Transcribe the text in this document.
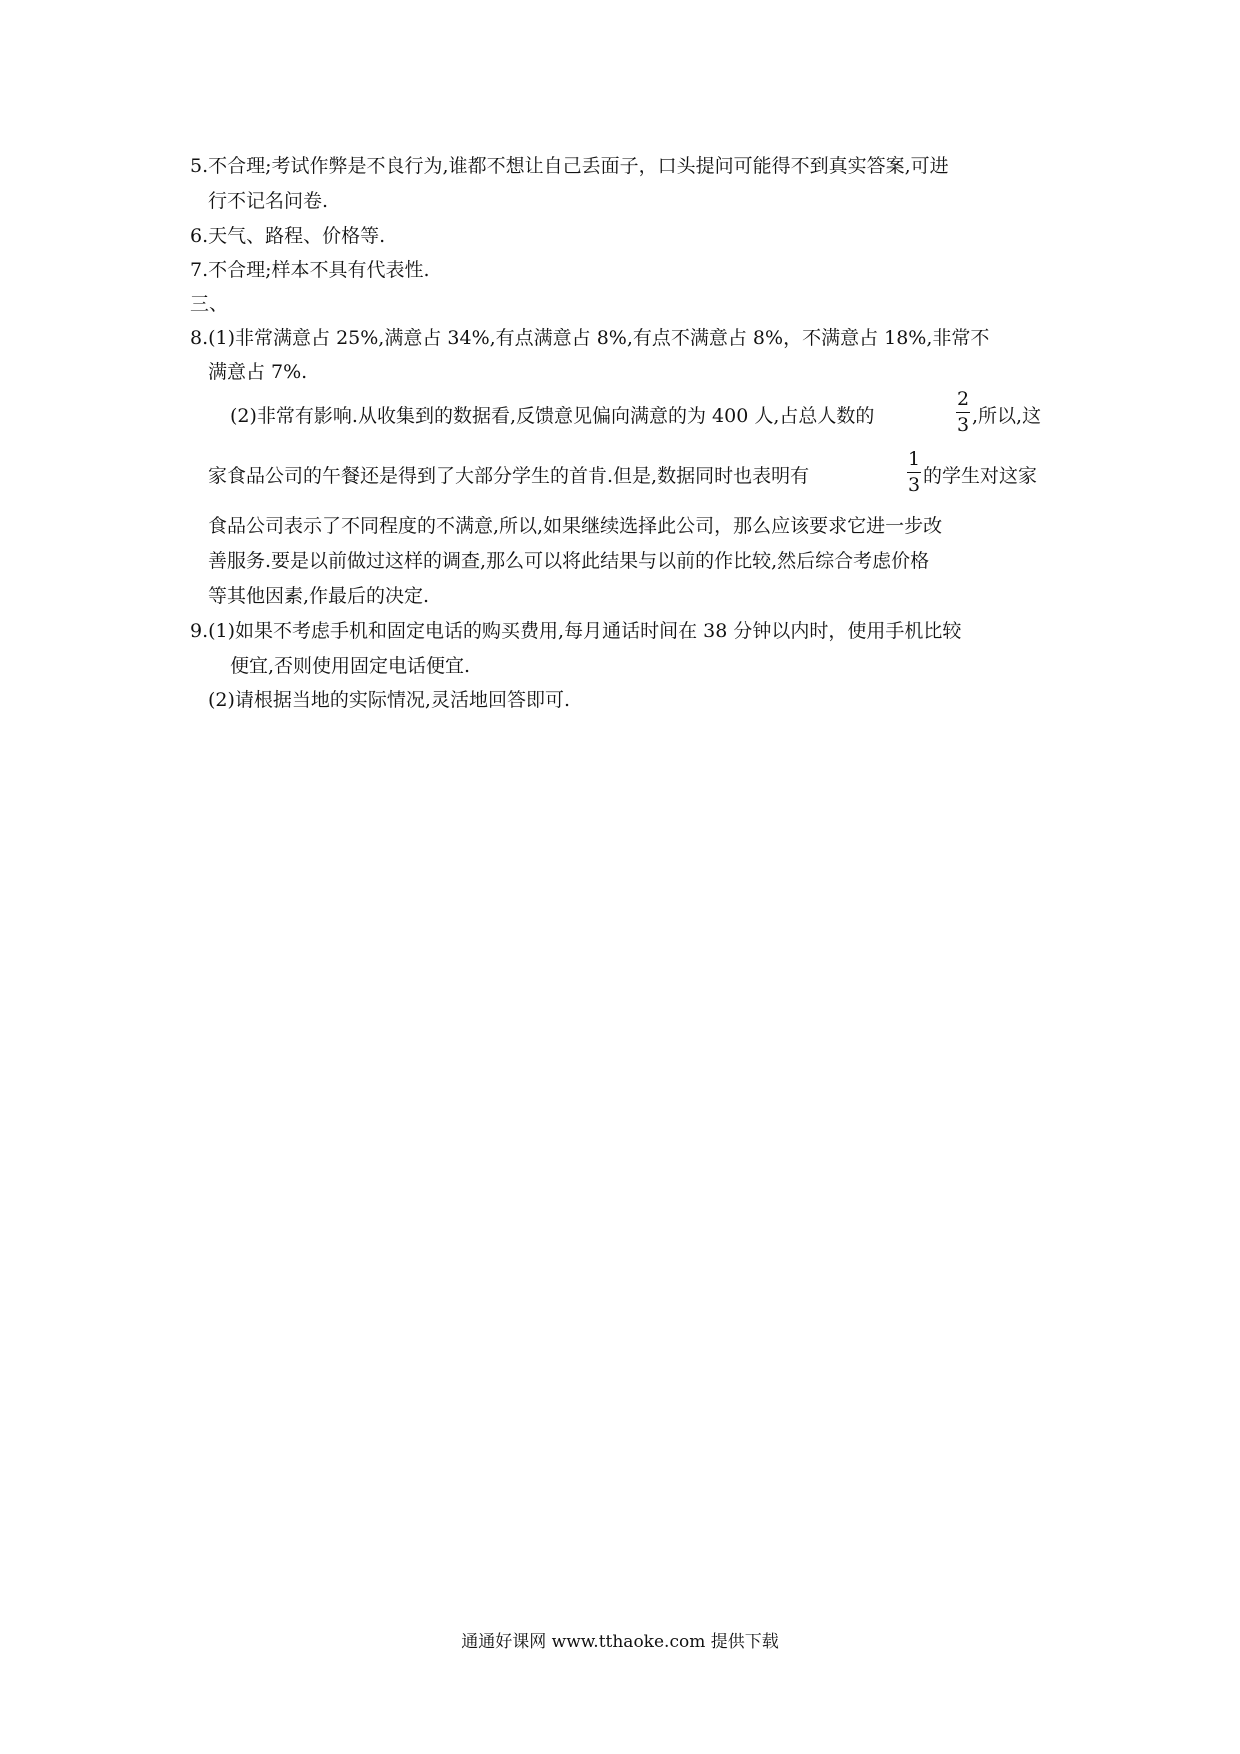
5.不合理;考试作弊是不良行为,谁都不想让自己丢面子，口头提问可能得不到真实答案,可进
行不记名问卷.
6.天气、路程、价格等.
7.不合理;样本不具有代表性.
三、
8.(1)非常满意占 25%,满意占 34%,有点满意占 8%,有点不满意占 8%，不满意占 18%,非常不
满意占 7%.
(2)非常有影响.从收集到的数据看,反馈意见偏向满意的为 400 人,占总人数的
2
3 ,所以,这
家食品公司的午餐还是得到了大部分学生的首肯.但是,数据同时也表明有
1
3 的学生对这家
食品公司表示了不同程度的不满意,所以,如果继续选择此公司，那么应该要求它进一步改
善服务.要是以前做过这样的调查,那么可以将此结果与以前的作比较,然后综合考虑价格
等其他因素,作最后的决定.
9.(1)如果不考虑手机和固定电话的购买费用,每月通话时间在 38 分钟以内时，使用手机比较
便宜,否则使用固定电话便宜.
(2)请根据当地的实际情况,灵活地回答即可.
通通好课网 www.tthaoke.com 提供下载
